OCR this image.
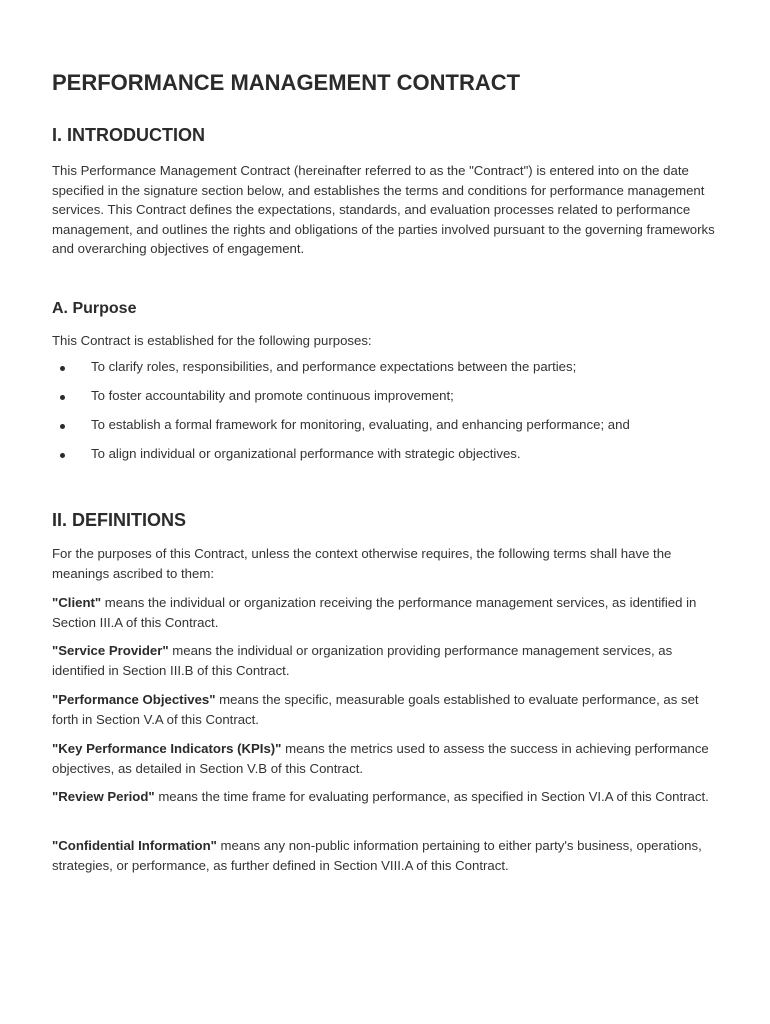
PERFORMANCE MANAGEMENT CONTRACT
I. INTRODUCTION

This Performance Management Contract (hereinafter referred to as the "Contract") is entered into on the date specified in the signature section below, and establishes the terms and conditions for performance management services. This Contract defines the expectations, standards, and evaluation processes related to performance management, and outlines the rights and obligations of the parties involved pursuant to the governing frameworks and overarching objectives of engagement.

A. Purpose

This Contract is established for the following purposes:

To clarify roles, responsibilities, and performance expectations between the parties;
To foster accountability and promote continuous improvement;
To establish a formal framework for monitoring, evaluating, and enhancing performance; and
To align individual or organizational performance with strategic objectives.
II. DEFINITIONS

For the purposes of this Contract, unless the context otherwise requires, the following terms shall have the meanings ascribed to them:

"Client" means the individual or organization receiving the performance management services, as identified in Section III.A of this Contract.

"Service Provider" means the individual or organization providing performance management services, as identified in Section III.B of this Contract.

"Performance Objectives" means the specific, measurable goals established to evaluate performance, as set forth in Section V.A of this Contract.

"Key Performance Indicators (KPIs)" means the metrics used to assess the success in achieving performance objectives, as detailed in Section V.B of this Contract.

"Review Period" means the time frame for evaluating performance, as specified in Section VI.A of this Contract.

"Confidential Information" means any non-public information pertaining to either party's business, operations, strategies, or performance, as further defined in Section VIII.A of this Contract.
